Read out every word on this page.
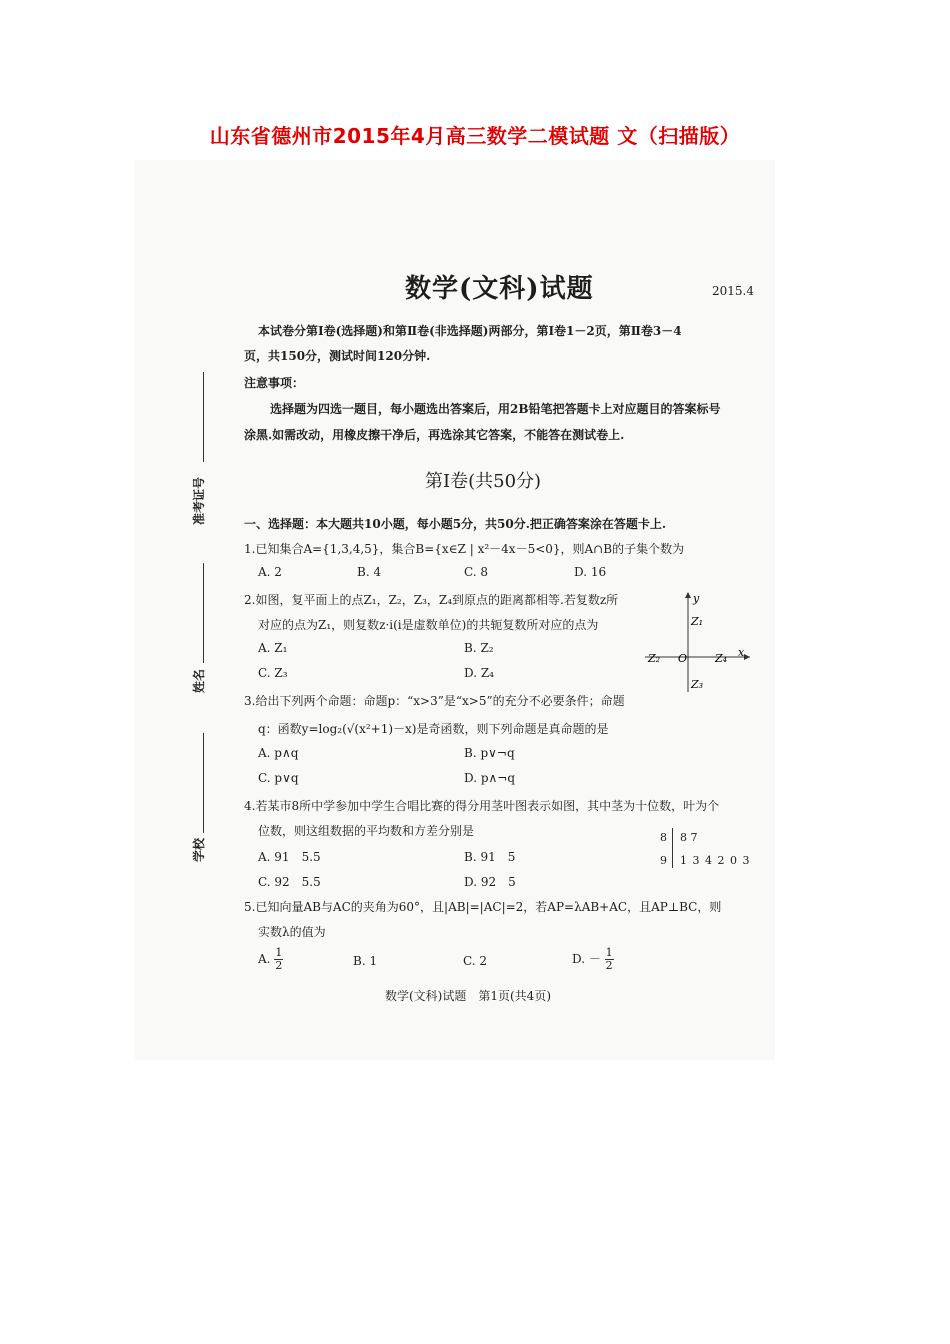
山东省德州市2015年4月高三数学二模试题 文（扫描版）
准考证号
姓名
学校
数学(文科)试题	2015.4
本试卷分第Ⅰ卷(选择题)和第Ⅱ卷(非选择题)两部分，第Ⅰ卷1－2页，第Ⅱ卷3－4
页，共150分，测试时间120分钟.
注意事项：
选择题为四选一题目，每小题选出答案后，用2B铅笔把答题卡上对应题目的答案标号
涂黑.如需改动，用橡皮擦干净后，再选涂其它答案，不能答在测试卷上.
第Ⅰ卷(共50分)
一、选择题：本大题共10小题，每小题5分，共50分.把正确答案涂在答题卡上.
1.已知集合A={1,3,4,5}，集合B={x∈Z | x²－4x－5<0}，则A∩B的子集个数为
A. 2	B. 4	C. 8	D. 16
2.如图，复平面上的点Z₁，Z₂，Z₃，Z₄到原点的距离都相等.若复数z所
对应的点为Z₁，则复数z·i(i是虚数单位)的共轭复数所对应的点为
A. Z₁	B. Z₂
C. Z₃	D. Z₄
y
x
O
Z₁
Z₂
Z₃
Z₄
3.给出下列两个命题：命题p：“x>3”是“x>5”的充分不必要条件；命题
q：函数y=log₂(√(x²+1)－x)是奇函数，则下列命题是真命题的是
A. p∧q	B. p∨¬q
C. p∨q	D. p∧¬q
4.若某市8所中学参加中学生合唱比赛的得分用茎叶图表示如图，其中茎为十位数，叶为个
位数，则这组数据的平均数和方差分别是
A. 91　5.5	B. 91　5
C. 92　5.5	D. 92　5
8 8 7
9 1 3 4 2 0 3
5.已知向量AB与AC的夹角为60°，且|AB|=|AC|=2，若AP=λAB+AC，且AP⊥BC，则
实数λ的值为
A. $\frac{1}{2}$	B. 1	C. 2	D. － $\frac{1}{2}$
数学(文科)试题　第1页(共4页)
